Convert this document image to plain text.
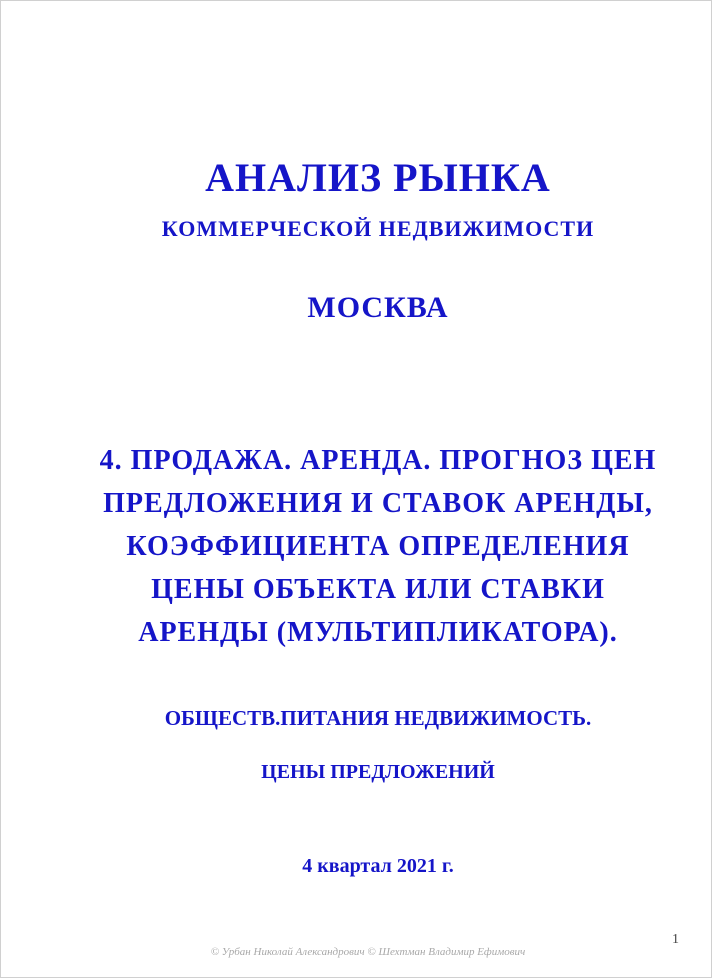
АНАЛИЗ РЫНКА
КОММЕРЧЕСКОЙ НЕДВИЖИМОСТИ
МОСКВА
4. ПРОДАЖА. АРЕНДА. ПРОГНОЗ ЦЕН
ПРЕДЛОЖЕНИЯ И СТАВОК АРЕНДЫ,
КОЭФФИЦИЕНТА ОПРЕДЕЛЕНИЯ
ЦЕНЫ ОБЪЕКТА ИЛИ СТАВКИ
АРЕНДЫ (МУЛЬТИПЛИКАТОРА).
ОБЩЕСТВ.ПИТАНИЯ НЕДВИЖИМОСТЬ.
ЦЕНЫ ПРЕДЛОЖЕНИЙ
4 квартал 2021 г.
1
© Урбан Николай Александрович © Шехтман Владимир Ефимович
